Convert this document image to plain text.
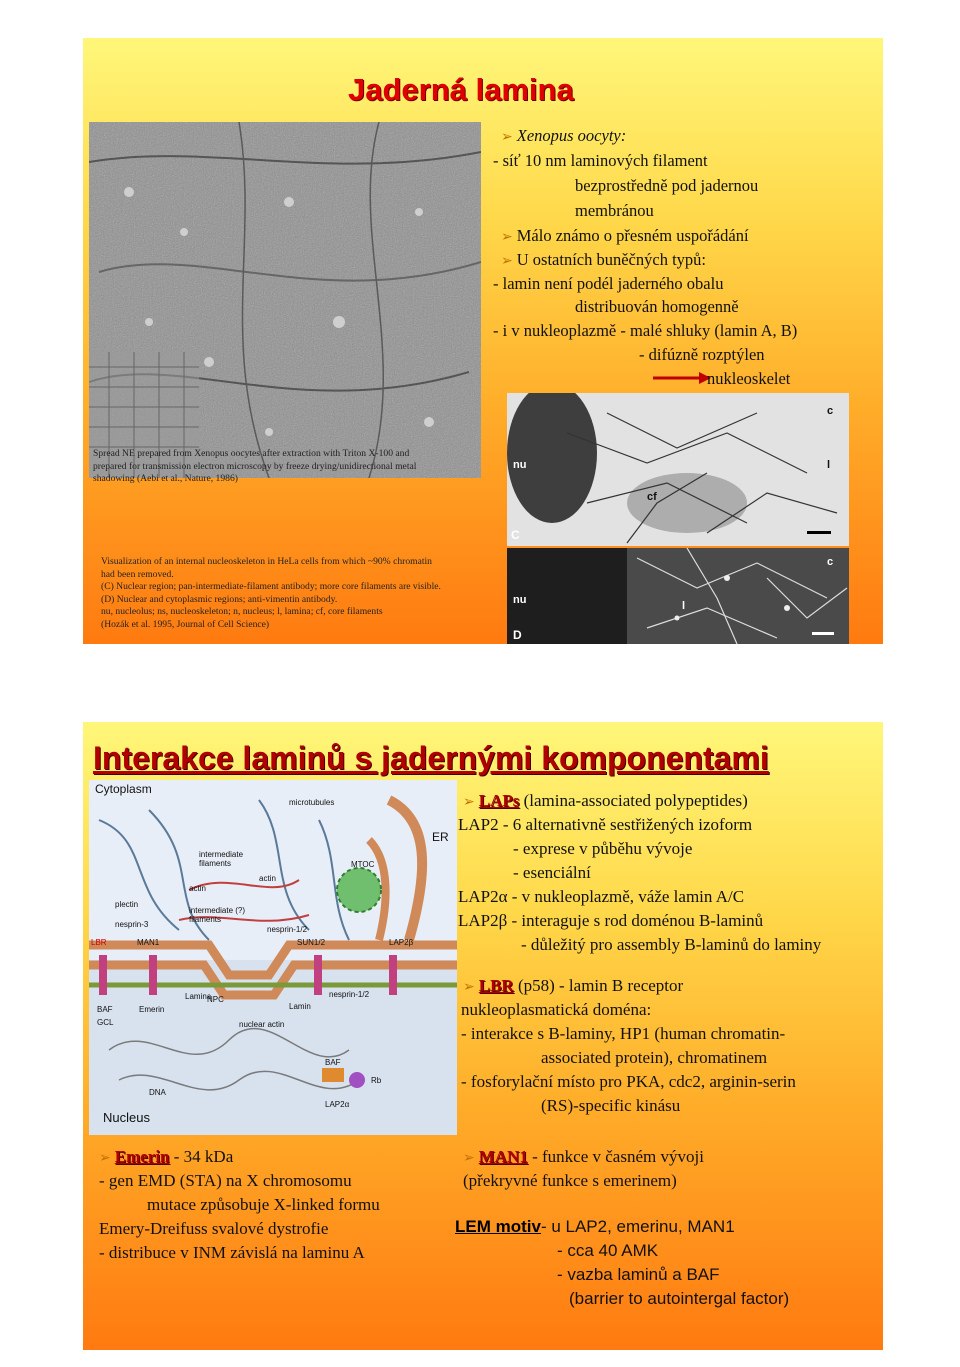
Jaderná lamina
➢ Xenopus oocyty:
- síť 10 nm laminových filament
bezprostředně pod jadernou
membránou
➢ Málo známo o přesném uspořádání
➢ U ostatních buněčných typů:
- lamin není podél jaderného obalu
distribuován homogenně
- i v nukleoplazmě - malé shluky (lamin A, B)
- difúzně rozptýlen
nukleoskelet
nu
cf
l
c
C
nu	l
c
D
Spread NE prepared from Xenopus oocytes after extraction with Triton X-100 and
prepared for transmission electron microscopy by freeze drying/unidirectional metal
shadowing (Aebi et al., Nature, 1986)
Visualization of an internal nucleoskeleton in HeLa cells from which ~90% chromatin
had been removed.
(C) Nuclear region; pan-intermediate-filament antibody; more core filaments are visible.
(D) Nuclear and cytoplasmic regions; anti-vimentin antibody.
nu, nucleolus; ns, nucleoskeleton; n, nucleus; l, lamina; cf, core filaments
(Hozák et al. 1995, Journal of Cell Science)
Interakce laminů s jadernými komponentami
Cytoplasm
ER
microtubules
intermediate filaments
actin
actin
MTOC
plectin
nesprin-3
intermediate (?) filaments
nesprin-1/2
LBR	MAN1	SUN1/2	LAP2β
NPC
BAF	Emerin
Lamina
Lamin
nesprin-1/2
GCL	nuclear actin
DNA
BAF
Rb
LAP2α
Nucleus
➢ LAPs (lamina-associated polypeptides)
LAP2 - 6 alternativně sestřižených izoform
- exprese v půběhu vývoje
- esenciální
LAP2α - v nukleoplazmě, váže lamin A/C
LAP2β - interaguje s rod doménou B-laminů
- důležitý pro assembly B-laminů do laminy
➢ LBR (p58) - lamin B receptor
nukleoplasmatická doména:
- interakce s B-laminy, HP1 (human chromatin-
associated protein), chromatinem
- fosforylační místo pro PKA, cdc2, arginin-serin
(RS)-specific kinásu
➢ Emerin - 34 kDa
- gen EMD (STA) na X chromosomu
mutace způsobuje X-linked formu
Emery-Dreifuss svalové dystrofie
- distribuce v INM závislá na laminu A
➢ MAN1 - funkce v časném vývoji
(překryvné funkce s emerinem)
LEM motiv- u LAP2, emerinu, MAN1
- cca 40 AMK
- vazba laminů a BAF
(barrier to autointergal factor)
